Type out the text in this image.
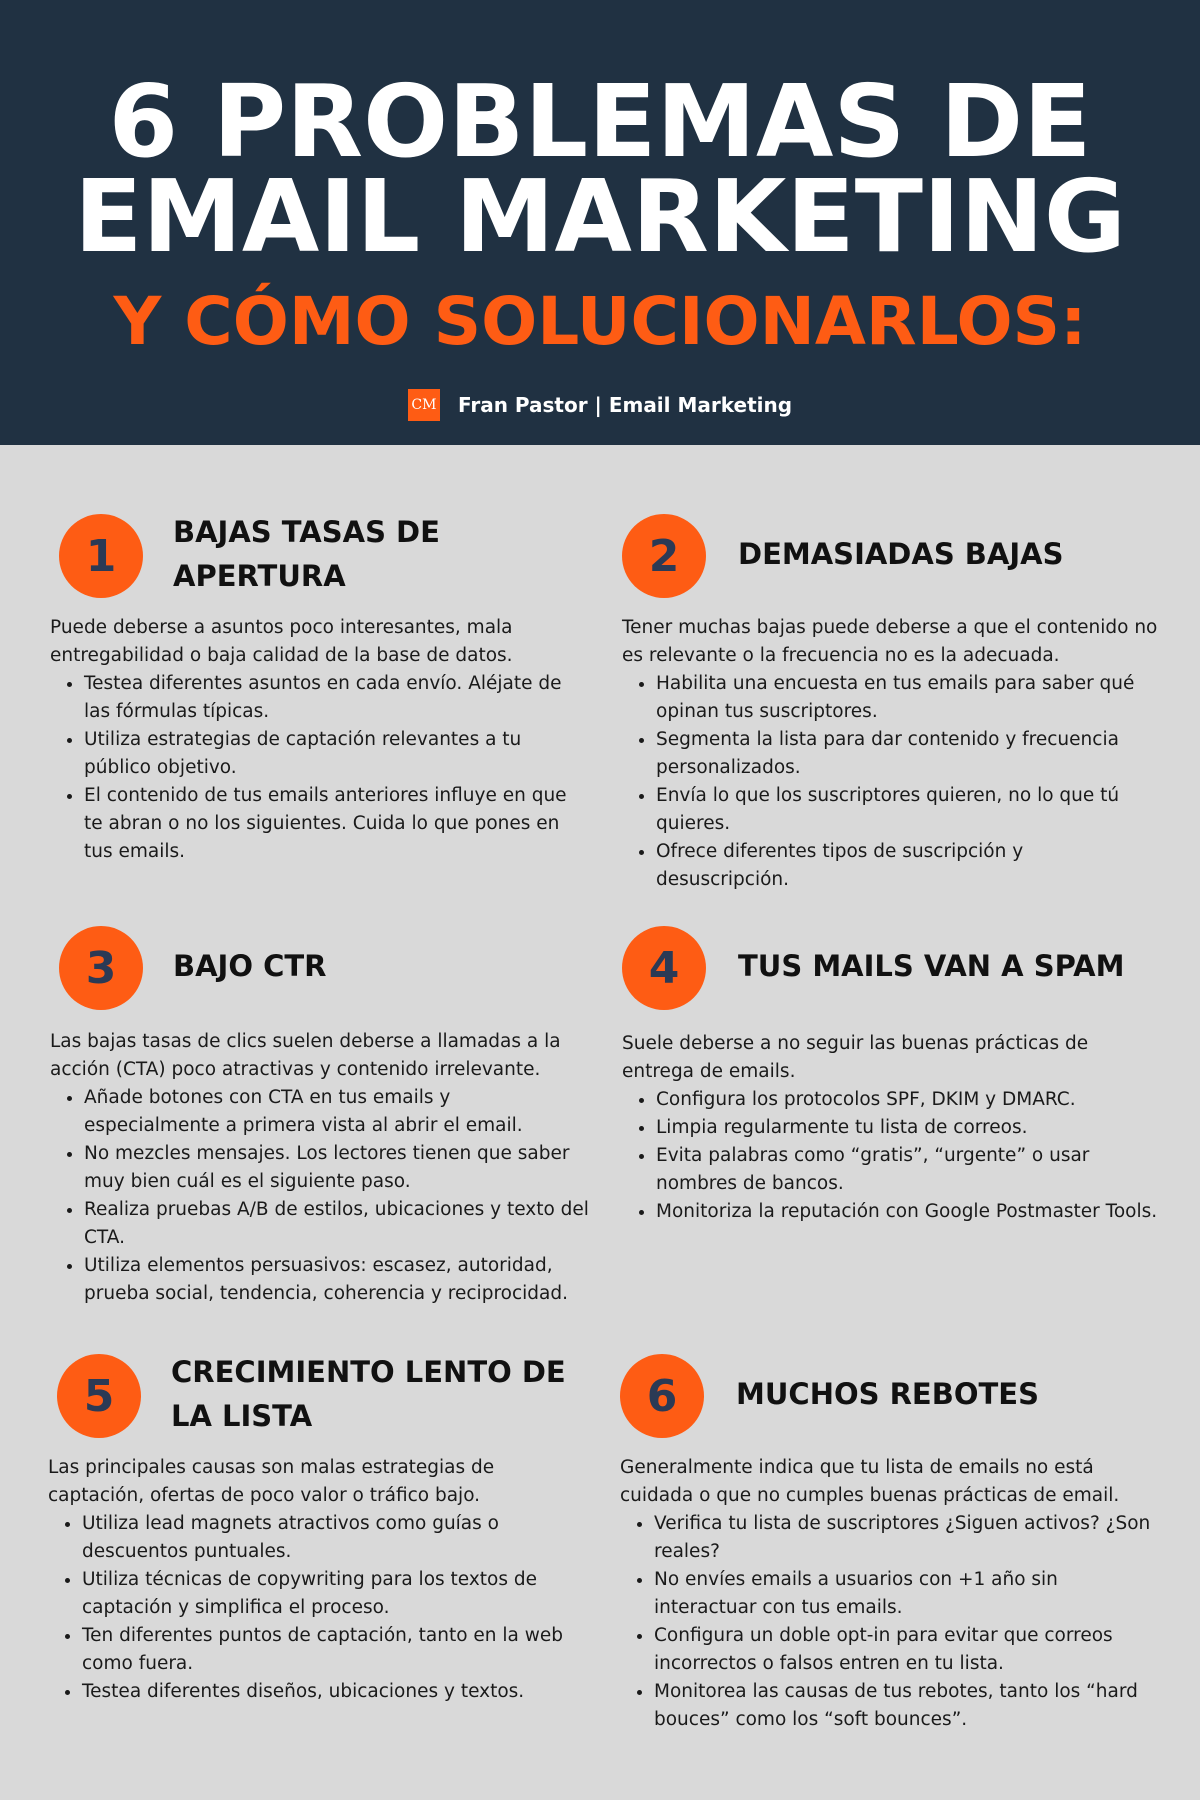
6 PROBLEMAS DE
EMAIL MARKETING
Y CÓMO SOLUCIONARLOS:
CM Fran Pastor | Email Marketing
1	BAJAS TASAS DE APERTURA

Puede deberse a asuntos poco interesantes, mala entregabilidad o baja calidad de la base de datos.

• Testea diferentes asuntos en cada envío. Aléjate de las fórmulas típicas.
• Utiliza estrategias de captación relevantes a tu público objetivo.
• El contenido de tus emails anteriores influye en que te abran o no los siguientes. Cuida lo que pones en tus emails.
2	DEMASIADAS BAJAS

Tener muchas bajas puede deberse a que el contenido no es relevante o la frecuencia no es la adecuada.

• Habilita una encuesta en tus emails para saber qué opinan tus suscriptores.
• Segmenta la lista para dar contenido y frecuencia personalizados.
• Envía lo que los suscriptores quieren, no lo que tú quieres.
• Ofrece diferentes tipos de suscripción y desuscripción.
3	BAJO CTR

Las bajas tasas de clics suelen deberse a llamadas a la acción (CTA) poco atractivas y contenido irrelevante.

• Añade botones con CTA en tus emails y especialmente a primera vista al abrir el email.
• No mezcles mensajes. Los lectores tienen que saber muy bien cuál es el siguiente paso.
• Realiza pruebas A/B de estilos, ubicaciones y texto del CTA.
• Utiliza elementos persuasivos: escasez, autoridad, prueba social, tendencia, coherencia y reciprocidad.
4	TUS MAILS VAN A SPAM

Suele deberse a no seguir las buenas prácticas de entrega de emails.

• Configura los protocolos SPF, DKIM y DMARC.
• Limpia regularmente tu lista de correos.
• Evita palabras como “gratis”, “urgente” o usar nombres de bancos.
• Monitoriza la reputación con Google Postmaster Tools.
5	CRECIMIENTO LENTO DE LA LISTA

Las principales causas son malas estrategias de captación, ofertas de poco valor o tráfico bajo.

• Utiliza lead magnets atractivos como guías o descuentos puntuales.
• Utiliza técnicas de copywriting para los textos de captación y simplifica el proceso.
• Ten diferentes puntos de captación, tanto en la web como fuera.
• Testea diferentes diseños, ubicaciones y textos.
6	MUCHOS REBOTES

Generalmente indica que tu lista de emails no está cuidada o que no cumples buenas prácticas de email.

• Verifica tu lista de suscriptores ¿Siguen activos? ¿Son reales?
• No envíes emails a usuarios con +1 año sin interactuar con tus emails.
• Configura un doble opt-in para evitar que correos incorrectos o falsos entren en tu lista.
• Monitorea las causas de tus rebotes, tanto los “hard bouces” como los “soft bounces”.
